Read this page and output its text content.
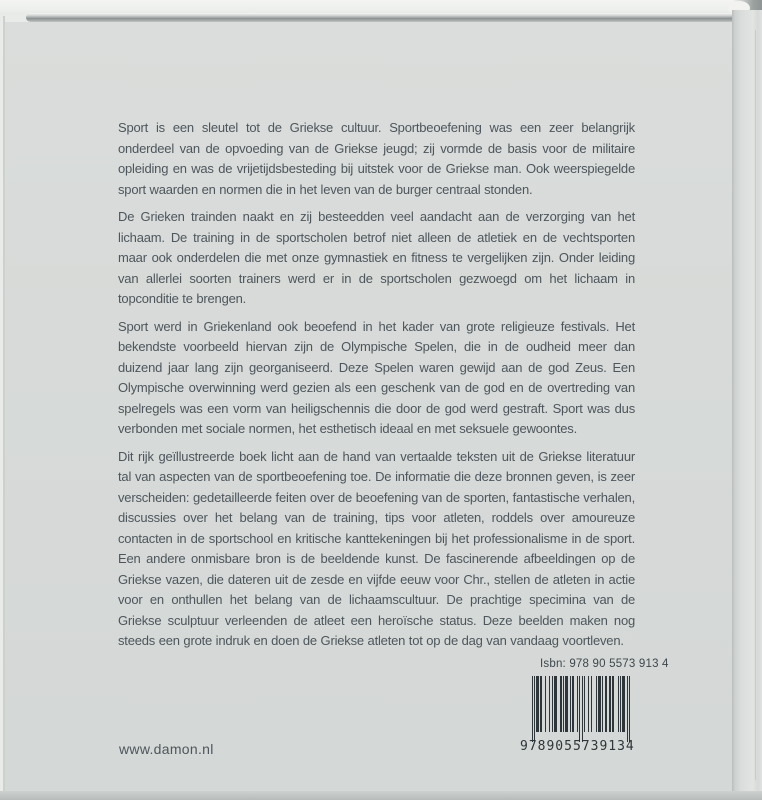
Sport is een sleutel tot de Griekse cultuur. Sportbeoefening was een zeer belangrijk onderdeel van de opvoeding van de Griekse jeugd; zij vormde de basis voor de militaire opleiding en was de vrijetijdsbesteding bij uitstek voor de Griekse man. Ook weerspiegelde sport waarden en normen die in het leven van de burger centraal stonden.

De Grieken trainden naakt en zij besteedden veel aandacht aan de verzorging van het lichaam. De training in de sportscholen betrof niet alleen de atletiek en de vechtsporten maar ook onderdelen die met onze gymnastiek en fitness te vergelijken zijn. Onder leiding van allerlei soorten trainers werd er in de sportscholen gezwoegd om het lichaam in topconditie te brengen.

Sport werd in Griekenland ook beoefend in het kader van grote religieuze festivals. Het bekendste voorbeeld hiervan zijn de Olympische Spelen, die in de oudheid meer dan duizend jaar lang zijn georganiseerd. Deze Spelen waren gewijd aan de god Zeus. Een Olympische overwinning werd gezien als een geschenk van de god en de overtreding van spelregels was een vorm van heiligschennis die door de god werd gestraft. Sport was dus verbonden met sociale normen, het esthetisch ideaal en met seksuele gewoontes.

Dit rijk geïllustreerde boek licht aan de hand van vertaalde teksten uit de Griekse literatuur tal van aspecten van de sportbeoefening toe. De informatie die deze bronnen geven, is zeer verscheiden: gedetailleerde feiten over de beoefening van de sporten, fantastische verhalen, discussies over het belang van de training, tips voor atleten, roddels over amoureuze contacten in de sportschool en kritische kanttekeningen bij het professionalisme in de sport. Een andere onmisbare bron is de beeldende kunst. De fascinerende afbeeldingen op de Griekse vazen, die dateren uit de zesde en vijfde eeuw voor Chr., stellen de atleten in actie voor en onthullen het belang van de lichaamscultuur. De prachtige specimina van de Griekse sculptuur verleenden de atleet een heroïsche status. Deze beelden maken nog steeds een grote indruk en doen de Griekse atleten tot op de dag van vandaag voortleven.

Isbn: 978 90 5573 913 4
9 789055 739134
www.damon.nl
